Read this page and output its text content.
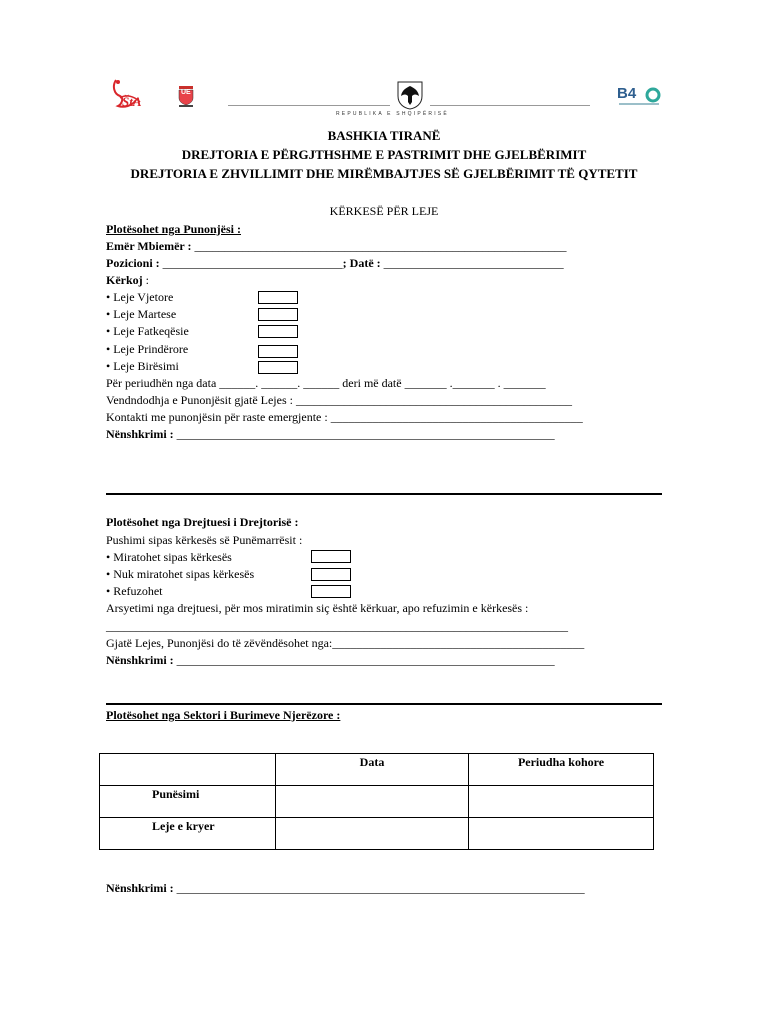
ŠtA
UE
REPUBLIKA E SHQIPËRISË
B4
BASHKIA TIRANË
DREJTORIA E PËRGJTHSHME E PASTRIMIT DHE GJELBËRIMIT
DREJTORIA E ZHVILLIMIT DHE MIRËMBAJTJES SË GJELBËRIMIT TË QYTETIT
KËRKESË PËR LEJE
Plotësohet nga Punonjësi :
Emër Mbiemër : ______________________________________________________________
Pozicioni : ______________________________; Datë : ______________________________
Kërkoj :
• Leje Vjetore
• Leje Martese
• Leje Fatkeqësie
• Leje Prindërore
• Leje Birësimi
Për periudhën nga data ______. ______. ______ deri më datë _______ ._______ . _______
Vendndodhja e Punonjësit gjatë Lejes : ______________________________________________
Kontakti me punonjësin për raste emergjente : __________________________________________
Nënshkrimi : _______________________________________________________________
Plotësohet nga Drejtuesi i Drejtorisë :
Pushimi sipas kërkesës së Punëmarrësit :
• Miratohet sipas kërkesës
• Nuk miratohet sipas kërkesës
• Refuzohet
Arsyetimi nga drejtuesi, për mos miratimin siç është kërkuar, apo refuzimin e kërkesës :
_____________________________________________________________________________
Gjatë Lejes, Punonjësi do të zëvëndësohet nga:__________________________________________
Nënshkrimi : _______________________________________________________________
Plotësohet nga Sektori i Burimeve Njerëzore :
	Data	Periudha kohore
Punësimi		
Leje e kryer		
Nënshkrimi : ____________________________________________________________________
